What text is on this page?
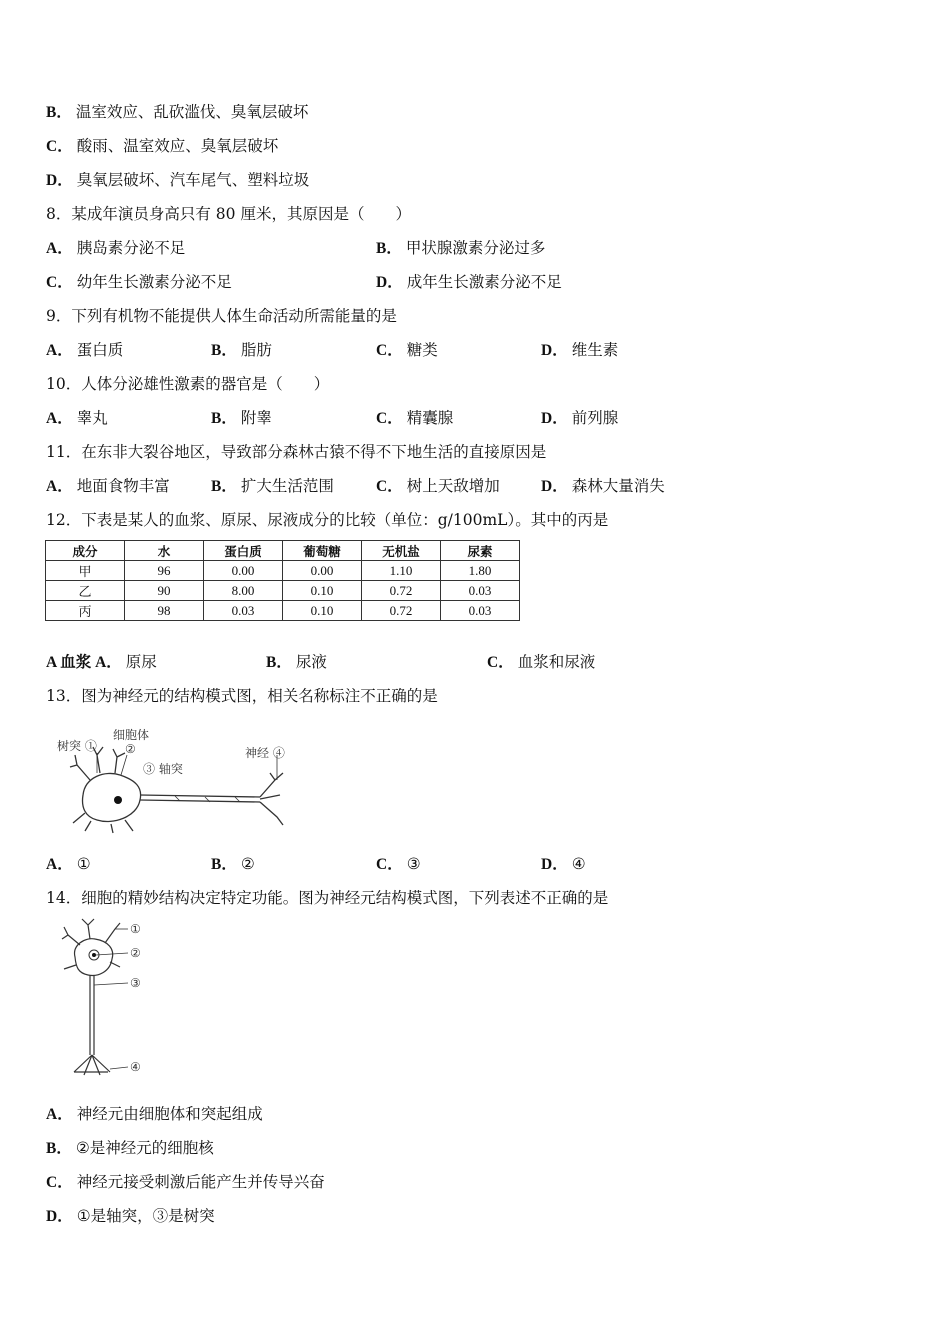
B． 温室效应、乱砍滥伐、臭氧层破坏
C． 酸雨、温室效应、臭氧层破坏
D． 臭氧层破坏、汽车尾气、塑料垃圾
8．某成年演员身高只有 80 厘米，其原因是（　　）
A． 胰岛素分泌不足	B． 甲状腺激素分泌过多
C． 幼年生长激素分泌不足	D． 成年生长激素分泌不足
9．下列有机物不能提供人体生命活动所需能量的是
A． 蛋白质	B． 脂肪	C． 糖类	D． 维生素
10．人体分泌雄性激素的器官是（　　）
A． 睾丸	B． 附睾	C． 精囊腺	D． 前列腺
11．在东非大裂谷地区，导致部分森林古猿不得不下地生活的直接原因是
A． 地面食物丰富	B． 扩大生活范围	C． 树上天敌增加	D． 森林大量消失
12．下表是某人的血浆、原尿、尿液成分的比较（单位：g/100mL）。其中的丙是
成分	水	蛋白质	葡萄糖	无机盐	尿素
甲	96	0.00	0.00	1.10	1.80
乙	90	8.00	0.10	0.72	0.03
丙	98	0.03	0.10	0.72	0.03
A 血浆 A． 原尿	B． 尿液	C． 血浆和尿液
13．图为神经元的结构模式图，相关名称标注不正确的是
树突 ①
细胞体
②
③ 轴突
神经 ④
A． ①	B． ②	C． ③	D． ④
14．细胞的精妙结构决定特定功能。图为神经元结构模式图，下列表述不正确的是
①
②
③
④
A． 神经元由细胞体和突起组成
B． ②是神经元的细胞核
C． 神经元接受刺激后能产生并传导兴奋
D． ①是轴突，③是树突
